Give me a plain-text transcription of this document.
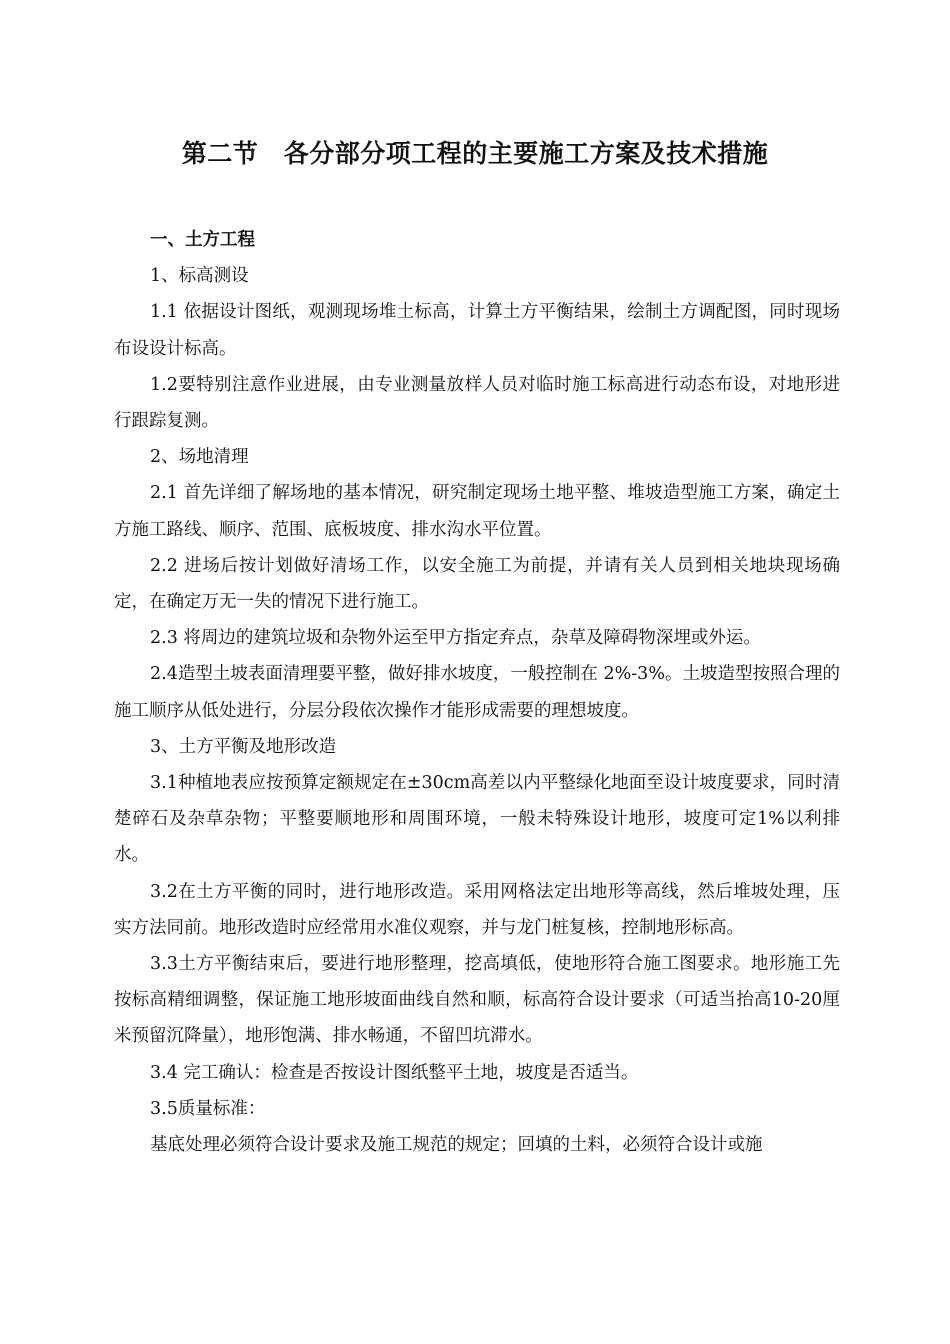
第二节　各分部分项工程的主要施工方案及技术措施

一、土方工程

1、标高测设

1.1 依据设计图纸，观测现场堆土标高，计算土方平衡结果，绘制土方调配图，同时现场布设设计标高。

1.2要特别注意作业进展，由专业测量放样人员对临时施工标高进行动态布设，对地形进行跟踪复测。

2、场地清理

2.1 首先详细了解场地的基本情况，研究制定现场土地平整、堆坡造型施工方案，确定土方施工路线、顺序、范围、底板坡度、排水沟水平位置。

2.2 进场后按计划做好清场工作，以安全施工为前提，并请有关人员到相关地块现场确定，在确定万无一失的情况下进行施工。

2.3 将周边的建筑垃圾和杂物外运至甲方指定弃点，杂草及障碍物深埋或外运。

2.4造型土坡表面清理要平整，做好排水坡度，一般控制在 2%-3%。土坡造型按照合理的施工顺序从低处进行，分层分段依次操作才能形成需要的理想坡度。

3、土方平衡及地形改造

3.1种植地表应按预算定额规定在±30cm高差以内平整绿化地面至设计坡度要求，同时清楚碎石及杂草杂物；平整要顺地形和周围环境，一般未特殊设计地形，坡度可定1%以利排水。

3.2在土方平衡的同时，进行地形改造。采用网格法定出地形等高线，然后堆坡处理，压实方法同前。地形改造时应经常用水准仪观察，并与龙门桩复核，控制地形标高。

3.3土方平衡结束后，要进行地形整理，挖高填低，使地形符合施工图要求。地形施工先按标高精细调整，保证施工地形坡面曲线自然和顺，标高符合设计要求（可适当抬高10-20厘米预留沉降量），地形饱满、排水畅通，不留凹坑滞水。

3.4 完工确认：检查是否按设计图纸整平土地，坡度是否适当。

3.5质量标准：

基底处理必须符合设计要求及施工规范的规定；回填的土料，必须符合设计或施
